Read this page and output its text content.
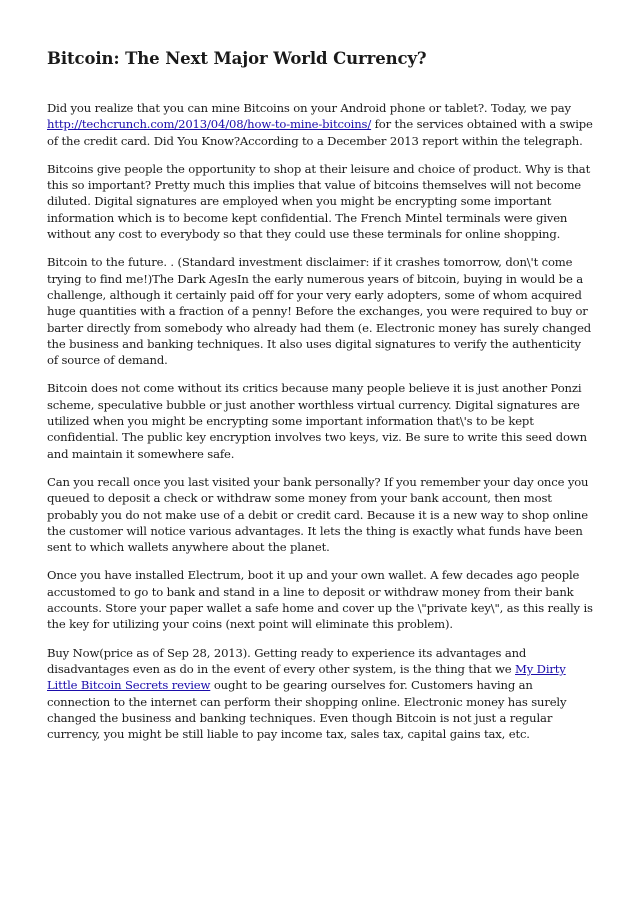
Bitcoin: The Next Major World Currency?

Did you realize that you can mine Bitcoins on your Android phone or tablet?. Today, we pay http://techcrunch.com/2013/04/08/how-to-mine-bitcoins/ for the services obtained with a swipe of the credit card. Did You Know?According to a December 2013 report within the telegraph.

Bitcoins give people the opportunity to shop at their leisure and choice of product. Why is that this so important? Pretty much this implies that value of bitcoins themselves will not become diluted. Digital signatures are employed when you might be encrypting some important information which is to become kept confidential. The French Mintel terminals were given without any cost to everybody so that they could use these terminals for online shopping.

Bitcoin to the future. . (Standard investment disclaimer: if it crashes tomorrow, don\'t come trying to find me!)The Dark AgesIn the early numerous years of bitcoin, buying in would be a challenge, although it certainly paid off for your very early adopters, some of whom acquired huge quantities with a fraction of a penny! Before the exchanges, you were required to buy or barter directly from somebody who already had them (e. Electronic money has surely changed the business and banking techniques. It also uses digital signatures to verify the authenticity of source of demand.

Bitcoin does not come without its critics because many people believe it is just another Ponzi scheme, speculative bubble or just another worthless virtual currency. Digital signatures are utilized when you might be encrypting some important information that\'s to be kept confidential. The public key encryption involves two keys, viz. Be sure to write this seed down and maintain it somewhere safe.

Can you recall once you last visited your bank personally? If you remember your day once you queued to deposit a check or withdraw some money from your bank account, then most probably you do not make use of a debit or credit card. Because it is a new way to shop online the customer will notice various advantages. It lets the thing is exactly what funds have been sent to which wallets anywhere about the planet.

Once you have installed Electrum, boot it up and your own wallet. A few decades ago people accustomed to go to bank and stand in a line to deposit or withdraw money from their bank accounts. Store your paper wallet a safe home and cover up the \"private key\", as this really is the key for utilizing your coins (next point will eliminate this problem).

Buy Now(price as of Sep 28, 2013). Getting ready to experience its advantages and disadvantages even as do in the event of every other system, is the thing that we My Dirty Little Bitcoin Secrets review ought to be gearing ourselves for. Customers having an connection to the internet can perform their shopping online. Electronic money has surely changed the business and banking techniques. Even though Bitcoin is not just a regular currency, you might be still liable to pay income tax, sales tax, capital gains tax, etc.
